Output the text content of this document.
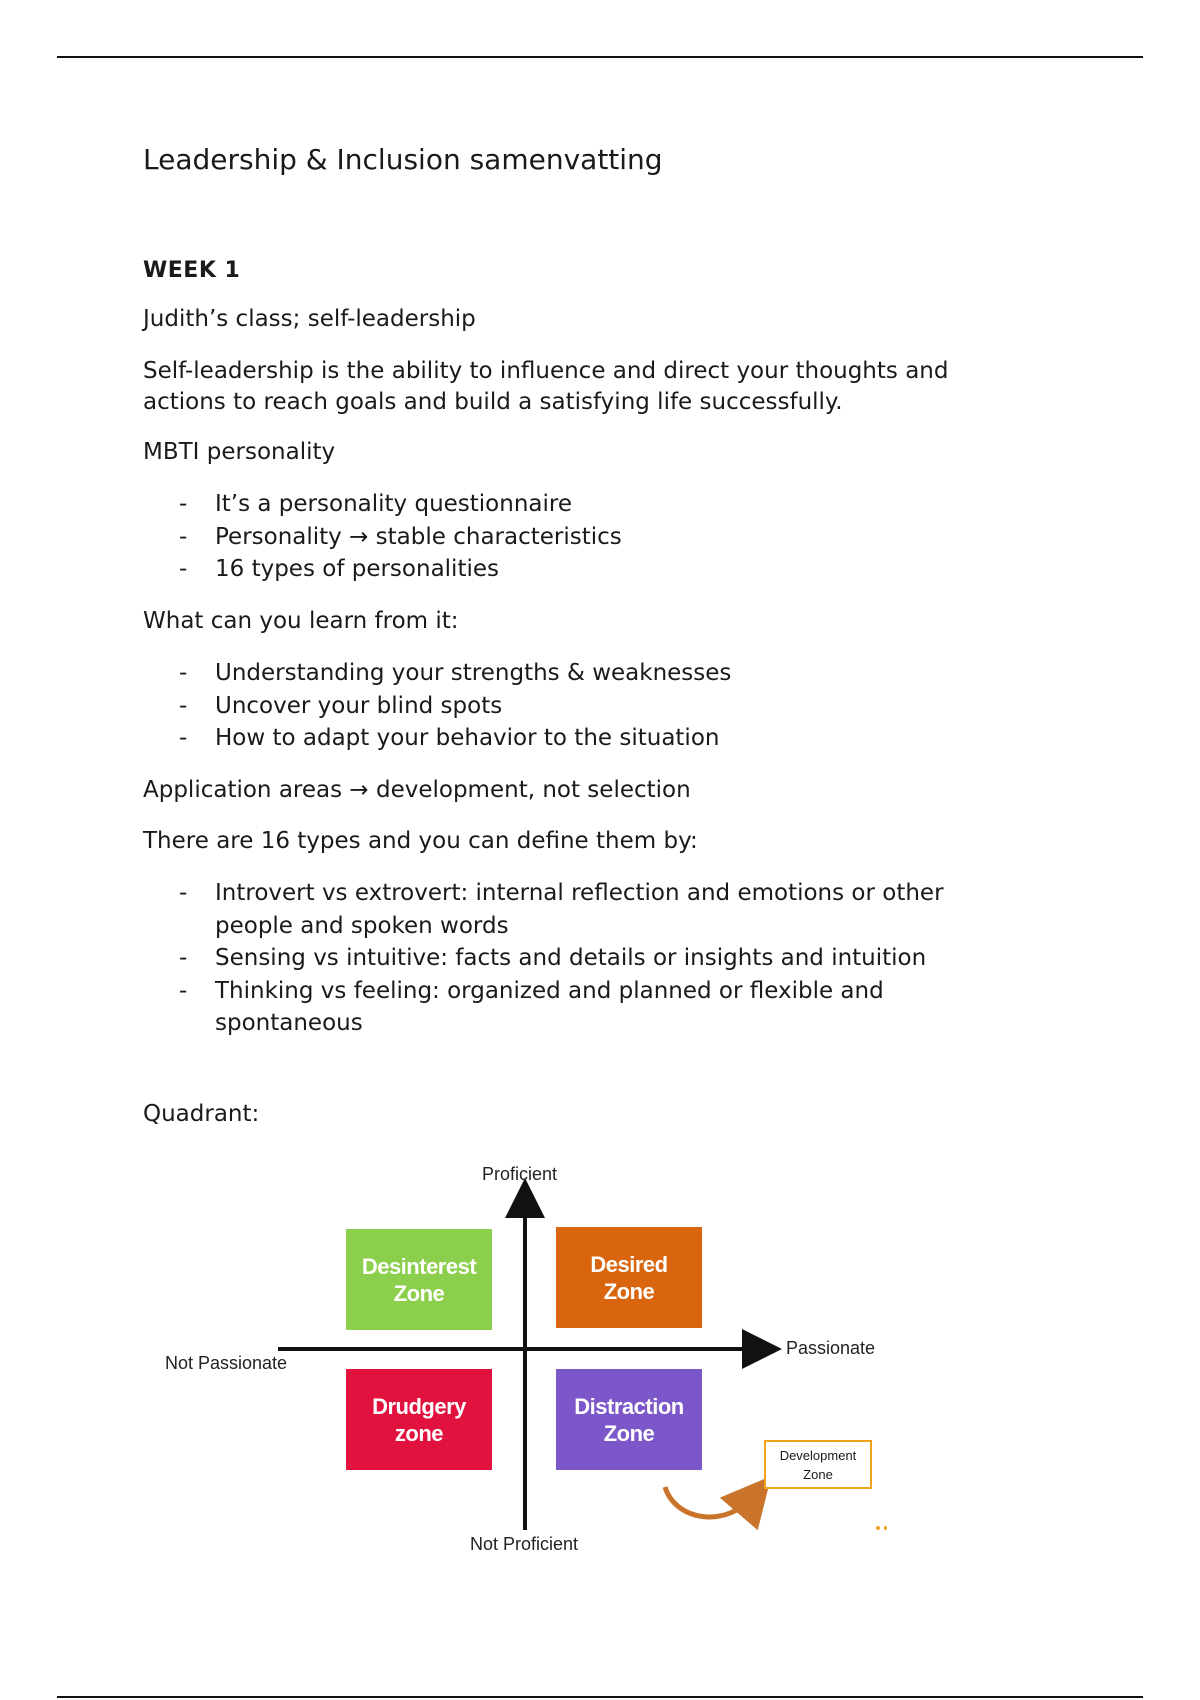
Leadership & Inclusion samenvatting

WEEK 1

Judith’s class; self-leadership

Self-leadership is the ability to influence and direct your thoughts and actions to reach goals and build a satisfying life successfully.

MBTI personality

- It’s a personality questionnaire
- Personality → stable characteristics
- 16 types of personalities

What can you learn from it:

- Understanding your strengths & weaknesses
- Uncover your blind spots
- How to adapt your behavior to the situation

Application areas → development, not selection

There are 16 types and you can define them by:

- Introvert vs extrovert: internal reflection and emotions or other people and spoken words
- Sensing vs intuitive: facts and details or insights and intuition
- Thinking vs feeling: organized and planned or flexible and spontaneous

Quadrant:

Proficient
Not Proficient
Not Passionate
Passionate
Desinterest
Zone
Desired
Zone
Drudgery
zone
Distraction
Zone
Development
Zone
